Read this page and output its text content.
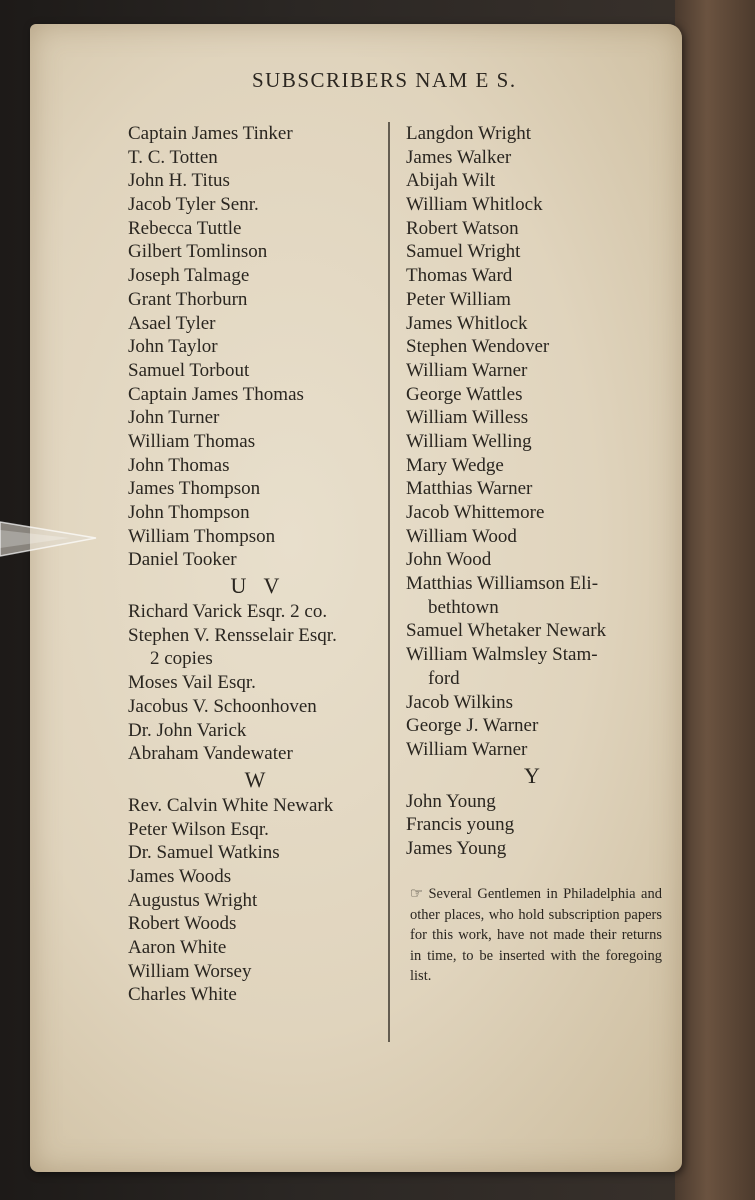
SUBSCRIBERS NAM E S.
Captain James Tinker
T. C. Totten
John H. Titus
Jacob Tyler Senr.
Rebecca Tuttle
Gilbert Tomlinson
Joseph Talmage
Grant Thorburn
Asael Tyler
John Taylor
Samuel Torbout
Captain James Thomas
John Turner
William Thomas
John Thomas
James Thompson
John Thompson
William Thompson
Daniel Tooker
U V
Richard Varick Esqr. 2 co.
Stephen V. Rensselair Esqr.
2 copies
Moses Vail Esqr.
Jacobus V. Schoonhoven
Dr. John Varick
Abraham Vandewater
W
Rev. Calvin White Newark
Peter Wilson Esqr.
Dr. Samuel Watkins
James Woods
Augustus Wright
Robert Woods
Aaron White
William Worsey
Charles White
Langdon Wright
James Walker
Abijah Wilt
William Whitlock
Robert Watson
Samuel Wright
Thomas Ward
Peter William
James Whitlock
Stephen Wendover
William Warner
George Wattles
William Willess
William Welling
Mary Wedge
Matthias Warner
Jacob Whittemore
William Wood
John Wood
Matthias Williamson Eli-
bethtown
Samuel Whetaker Newark
William Walmsley Stam-
ford
Jacob Wilkins
George J. Warner
William Warner
Y
John Young
Francis young
James Young
☞ Several Gentlemen in Philadelphia and other places, who hold subscription papers for this work, have not made their returns in time, to be inserted with the foregoing list.
